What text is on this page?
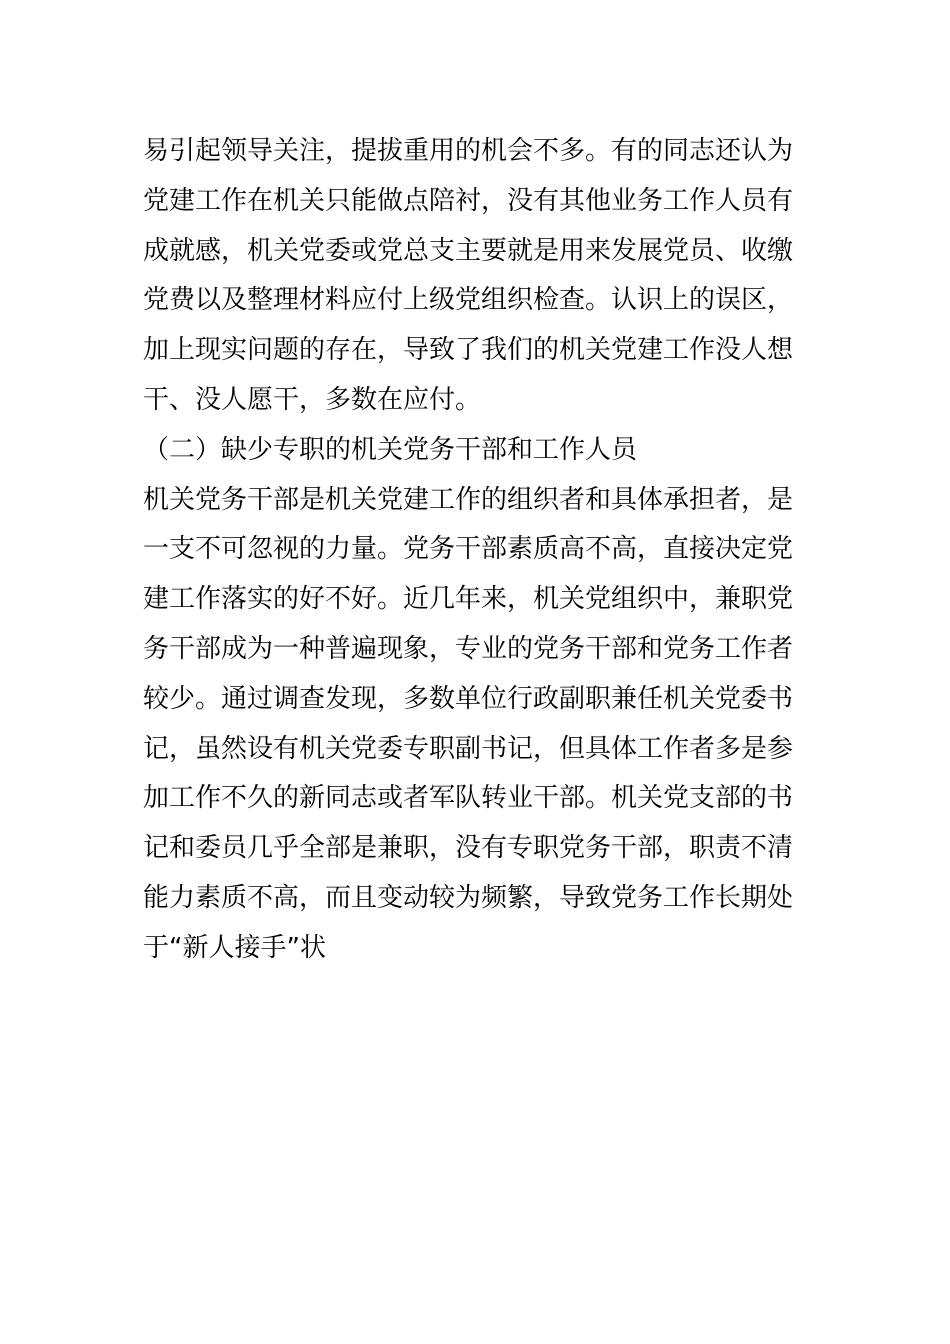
易引起领导关注，提拔重用的机会不多。有的同志还认为
党建工作在机关只能做点陪衬，没有其他业务工作人员有
成就感，机关党委或党总支主要就是用来发展党员、收缴
党费以及整理材料应付上级党组织检查。认识上的误区，
加上现实问题的存在，导致了我们的机关党建工作没人想
干、没人愿干，多数在应付。
（二）缺少专职的机关党务干部和工作人员
机关党务干部是机关党建工作的组织者和具体承担者，是
一支不可忽视的力量。党务干部素质高不高，直接决定党
建工作落实的好不好。近几年来，机关党组织中，兼职党
务干部成为一种普遍现象，专业的党务干部和党务工作者
较少。通过调查发现，多数单位行政副职兼任机关党委书
记，虽然设有机关党委专职副书记，但具体工作者多是参
加工作不久的新同志或者军队转业干部。机关党支部的书
记和委员几乎全部是兼职，没有专职党务干部，职责不清
能力素质不高，而且变动较为频繁，导致党务工作长期处
于“新人接手”状
